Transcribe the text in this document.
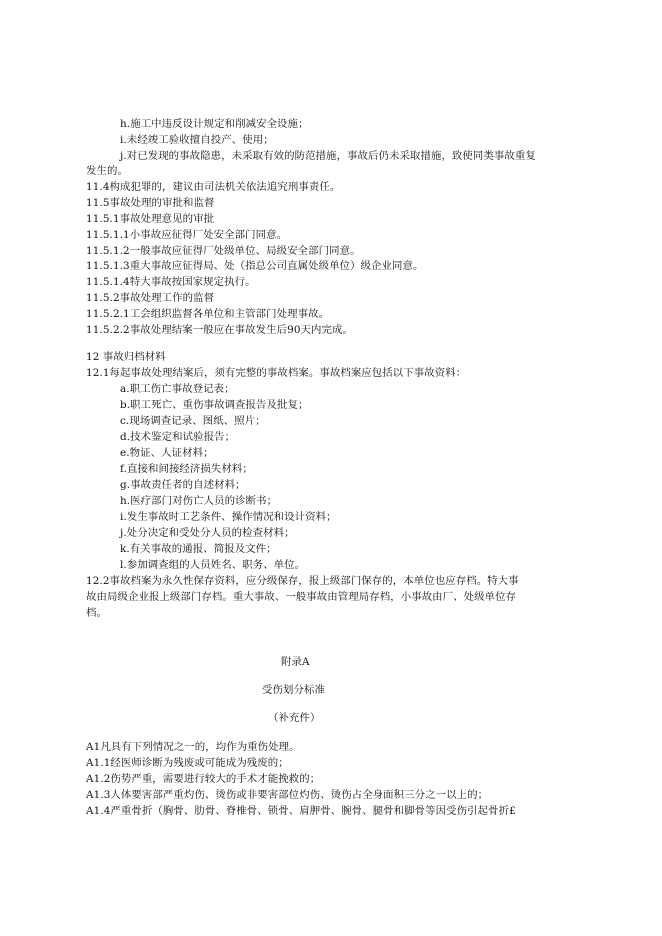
h.施工中违反设计规定和削减安全设施；
i.未经竣工验收擅自投产、使用；
j.对已发现的事故隐患，未采取有效的防范措施，事故后仍未采取措施，致使同类事故重复
发生的。
11.4构成犯罪的，建议由司法机关依法追究刑事责任。
11.5事故处理的审批和监督
11.5.1事故处理意见的审批
11.5.1.1小事故应征得厂处安全部门同意。
11.5.1.2一般事故应征得厂处级单位、局级安全部门同意。
11.5.1.3重大事故应征得局、处（指总公司直属处级单位）级企业同意。
11.5.1.4特大事故按国家规定执行。
11.5.2事故处理工作的监督
11.5.2.1工会组织监督各单位和主管部门处理事故。
11.5.2.2事故处理结案一般应在事故发生后90天内完成。
12 事故归档材料
12.1每起事故处理结案后，须有完整的事故档案。事故档案应包括以下事故资料：
a.职工伤亡事故登记表；
b.职工死亡、重伤事故调查报告及批复；
c.现场调查记录、图纸、照片；
d.技术鉴定和试验报告；
e.物证、人证材料；
f.直接和间接经济损失材料；
g.事故责任者的自述材料；
h.医疗部门对伤亡人员的诊断书；
i.发生事故时工艺条件、操作情况和设计资料；
j.处分决定和受处分人员的检查材料；
k.有关事故的通报、简报及文件；
l.参加调查组的人员姓名、职务、单位。
12.2事故档案为永久性保存资料，应分级保存，报上级部门保存的，本单位也应存档。特大事
故由局级企业报上级部门存档。重大事故、一般事故由管理局存档，小事故由厂、处级单位存
档。
附录A
受伤划分标准
（补充件）
A1凡具有下列情况之一的，均作为重伤处理。
A1.1经医师诊断为残废或可能成为残废的；
A1.2伤势严重，需要进行较大的手术才能挽救的；
A1.3人体要害部严重灼伤、烫伤或非要害部位灼伤、烫伤占全身面积三分之一以上的；
A1.4严重骨折（胸骨、肋骨、脊椎骨、锁骨、肩胛骨、腕骨、腿骨和脚骨等因受伤引起骨折£
